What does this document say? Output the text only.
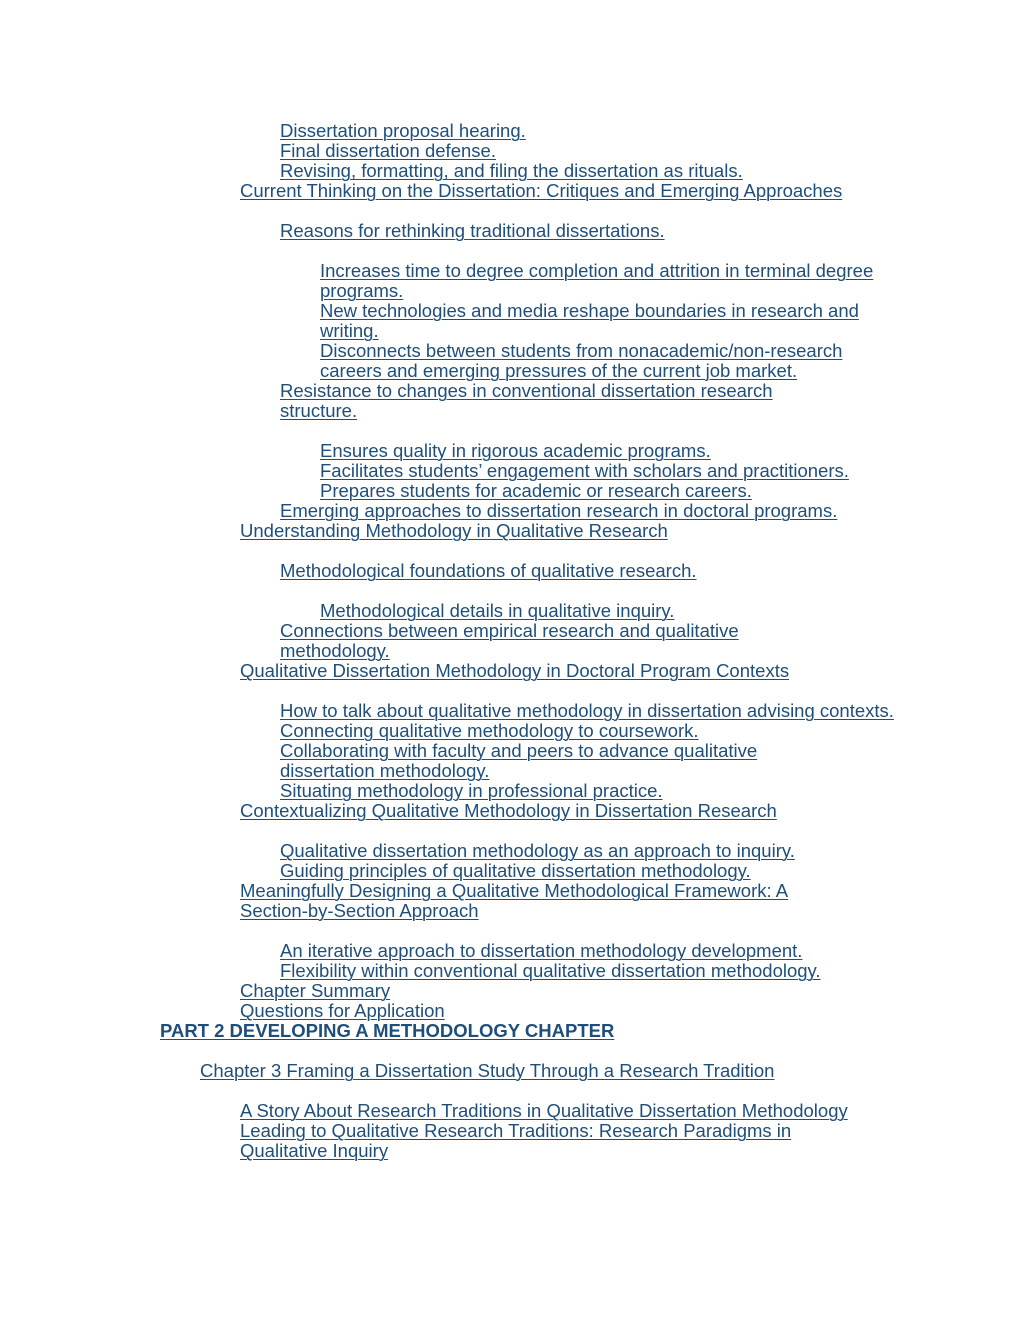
Dissertation proposal hearing.
Final dissertation defense.
Revising, formatting, and filing the dissertation as rituals.
Current Thinking on the Dissertation: Critiques and Emerging Approaches
Reasons for rethinking traditional dissertations.
Increases time to degree completion and attrition in terminal degree programs.
New technologies and media reshape boundaries in research and writing.
Disconnects between students from nonacademic/non-research careers and emerging pressures of the current job market.
Resistance to changes in conventional dissertation research structure.
Ensures quality in rigorous academic programs.
Facilitates students’ engagement with scholars and practitioners.
Prepares students for academic or research careers.
Emerging approaches to dissertation research in doctoral programs.
Understanding Methodology in Qualitative Research
Methodological foundations of qualitative research.
Methodological details in qualitative inquiry.
Connections between empirical research and qualitative methodology.
Qualitative Dissertation Methodology in Doctoral Program Contexts
How to talk about qualitative methodology in dissertation advising contexts.
Connecting qualitative methodology to coursework.
Collaborating with faculty and peers to advance qualitative dissertation methodology.
Situating methodology in professional practice.
Contextualizing Qualitative Methodology in Dissertation Research
Qualitative dissertation methodology as an approach to inquiry.
Guiding principles of qualitative dissertation methodology.
Meaningfully Designing a Qualitative Methodological Framework: A Section-by-Section Approach
An iterative approach to dissertation methodology development.
Flexibility within conventional qualitative dissertation methodology.
Chapter Summary
Questions for Application
PART 2 DEVELOPING A METHODOLOGY CHAPTER
Chapter 3 Framing a Dissertation Study Through a Research Tradition
A Story About Research Traditions in Qualitative Dissertation Methodology
Leading to Qualitative Research Traditions: Research Paradigms in Qualitative Inquiry
